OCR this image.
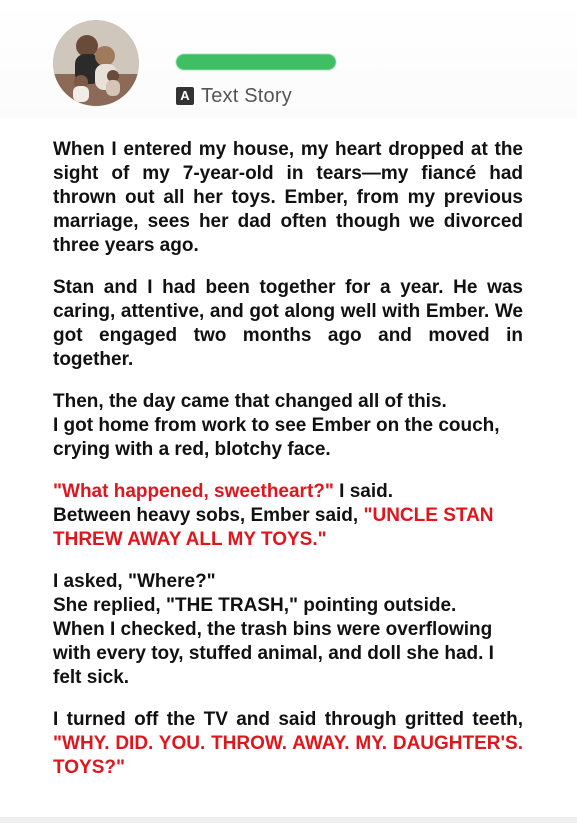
A Text Story

When I entered my house, my heart dropped at the sight of my 7-year-old in tears—my fiancé had thrown out all her toys. Ember, from my previous marriage, sees her dad often though we divorced three years ago.

Stan and I had been together for a year. He was caring, attentive, and got along well with Ember. We got engaged two months ago and moved in together.

Then, the day came that changed all of this.
I got home from work to see Ember on the couch, crying with a red, blotchy face.

"What happened, sweetheart?" I said.
Between heavy sobs, Ember said, "UNCLE STAN THREW AWAY ALL MY TOYS."

I asked, "Where?"
She replied, "THE TRASH," pointing outside.
When I checked, the trash bins were overflowing with every toy, stuffed animal, and doll she had. I felt sick.

I turned off the TV and said through gritted teeth, "WHY. DID. YOU. THROW. AWAY. MY. DAUGHTER'S. TOYS?"
